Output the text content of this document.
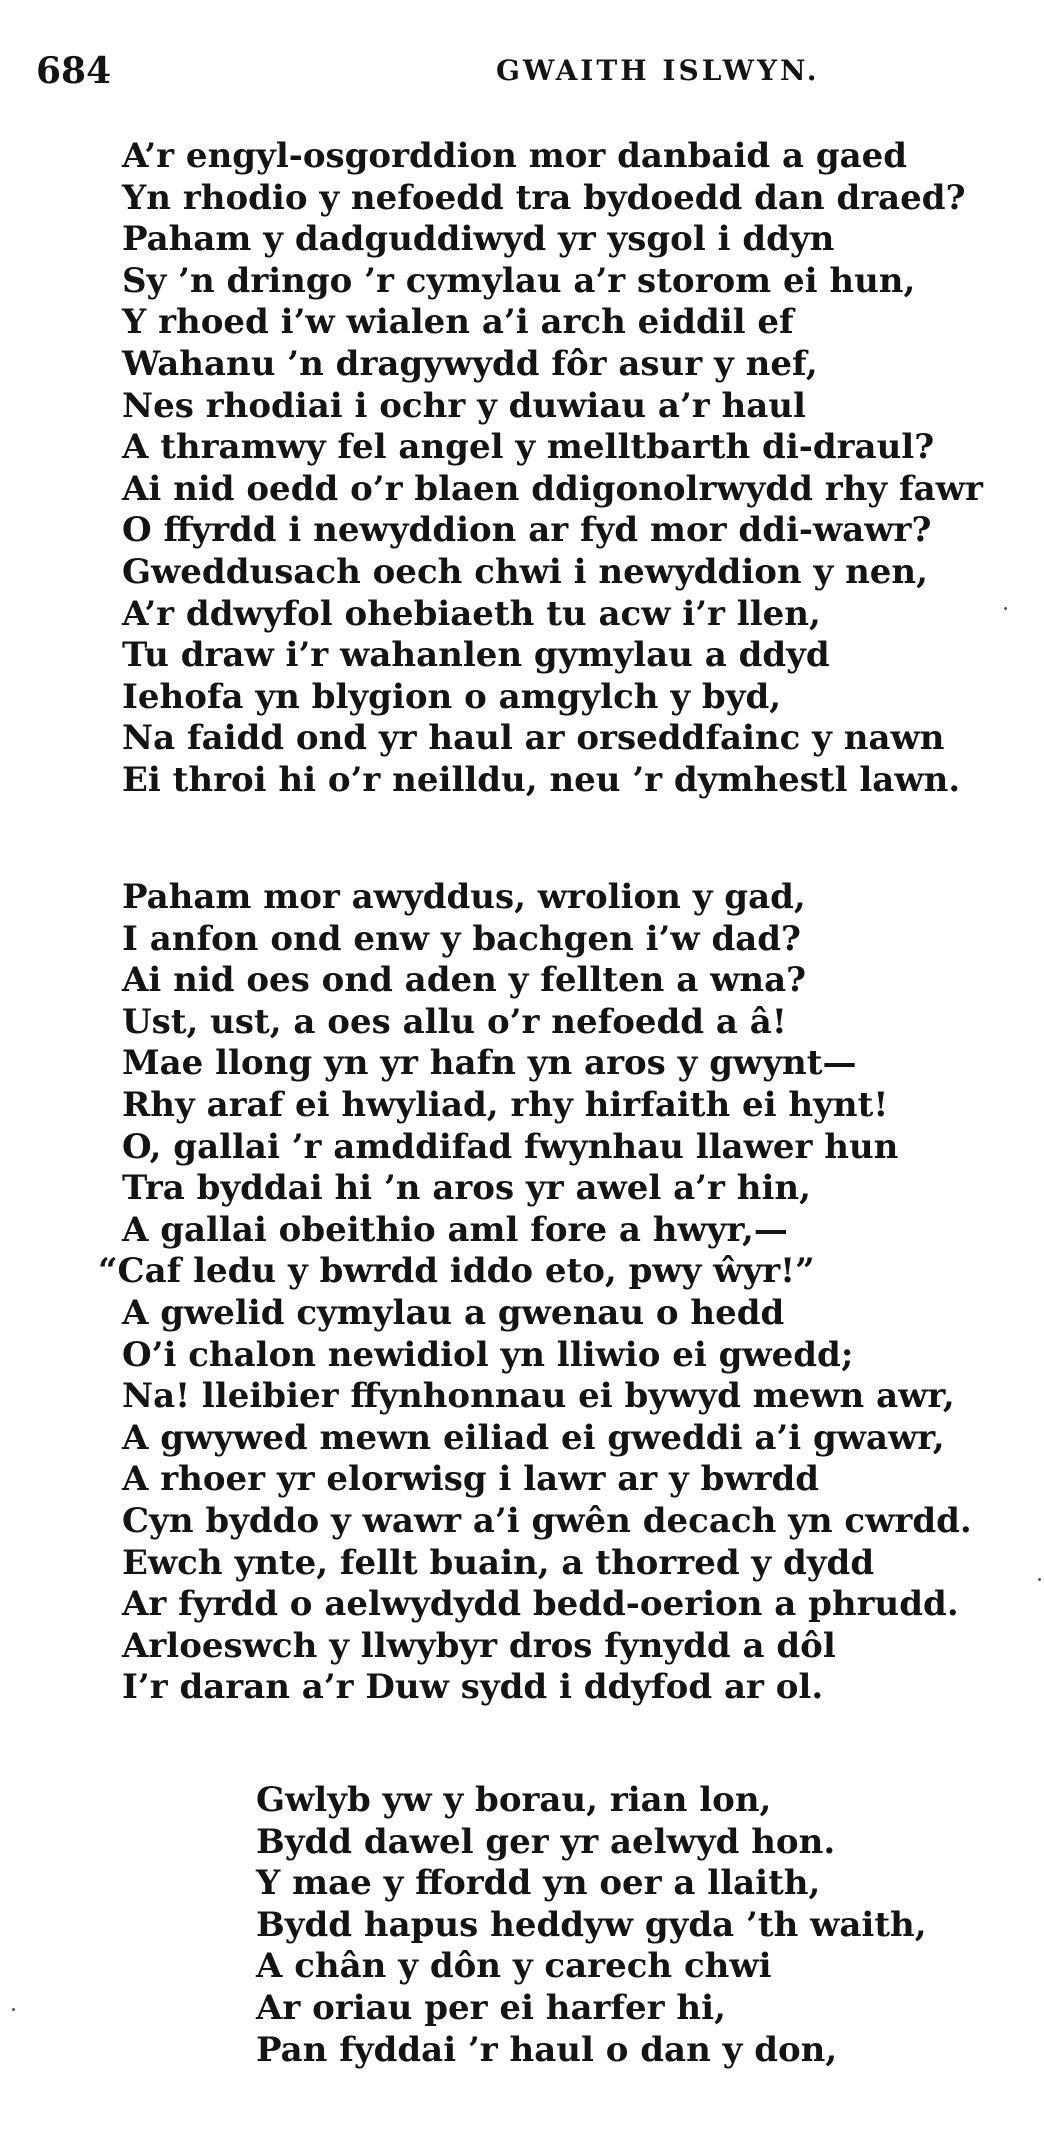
684	GWAITH ISLWYN.
A’r engyl-osgorddion mor danbaid a gaed
Yn rhodio y nefoedd tra bydoedd dan draed?
Paham y dadguddiwyd yr ysgol i ddyn
Sy ’n dringo ’r cymylau a’r storom ei hun,
Y rhoed i’w wialen a’i arch eiddil ef
Wahanu ’n dragywydd fôr asur y nef,
Nes rhodiai i ochr y duwiau a’r haul
A thramwy fel angel y melltbarth di-draul?
Ai nid oedd o’r blaen ddigonolrwydd rhy fawr
O ffyrdd i newyddion ar fyd mor ddi-wawr?
Gweddusach oech chwi i newyddion y nen,
A’r ddwyfol ohebiaeth tu acw i’r llen,
Tu draw i’r wahanlen gymylau a ddyd
Iehofa yn blygion o amgylch y byd,
Na faidd ond yr haul ar orseddfainc y nawn
Ei throi hi o’r neilldu, neu ’r dymhestl lawn.
Paham mor awyddus, wrolion y gad,
I anfon ond enw y bachgen i’w dad?
Ai nid oes ond aden y fellten a wna?
Ust, ust, a oes allu o’r nefoedd a â!
Mae llong yn yr hafn yn aros y gwynt—
Rhy araf ei hwyliad, rhy hirfaith ei hynt!
O, gallai ’r amddifad fwynhau llawer hun
Tra byddai hi ’n aros yr awel a’r hin,
A gallai obeithio aml fore a hwyr,—
“Caf ledu y bwrdd iddo eto, pwy ŵyr!”
A gwelid cymylau a gwenau o hedd
O’i chalon newidiol yn lliwio ei gwedd;
Na! lleibier ffynhonnau ei bywyd mewn awr,
A gwywed mewn eiliad ei gweddi a’i gwawr,
A rhoer yr elorwisg i lawr ar y bwrdd
Cyn byddo y wawr a’i gwên decach yn cwrdd.
Ewch ynte, fellt buain, a thorred y dydd
Ar fyrdd o aelwydydd bedd-oerion a phrudd.
Arloeswch y llwybyr dros fynydd a dôl
I’r daran a’r Duw sydd i ddyfod ar ol.
Gwlyb yw y borau, rian lon,
Bydd dawel ger yr aelwyd hon.
Y mae y ffordd yn oer a llaith,
Bydd hapus heddyw gyda ’th waith,
A chân y dôn y carech chwi
Ar oriau per ei harfer hi,
Pan fyddai ’r haul o dan y don,
